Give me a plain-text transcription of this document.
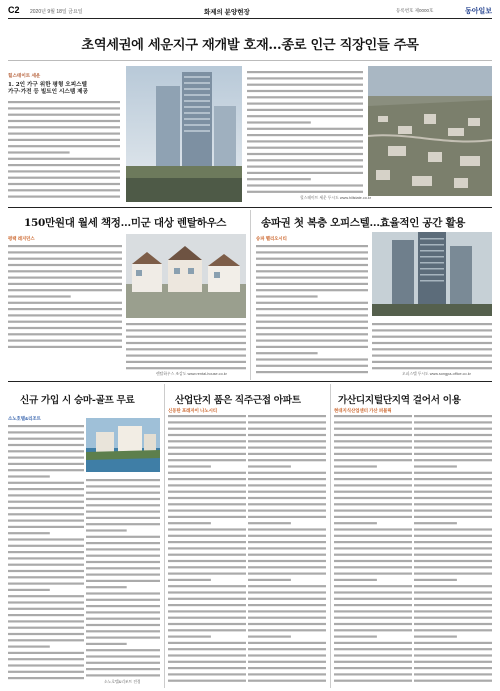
C2 2020년 9월 18일 금요일	화제의 분양현장	등록번호 제0000호	동아일보
초역세권에 세운지구 재개발 호재…종로 인근 직장인들 주목
힐스테이트 세운
1. 2인 가구 위한 평형 오피스텔
가구·가전 등 빌트인 시스템 제공
힐스테이트 세운 투시도 www.hillstate.co.kr
150만원대 월세 책정…미군 대상 렌탈하우스
평택 레지던스
렌탈하우스 조감도 www.rental-house.co.kr
송파권 첫 복층 오피스텔…효율적인 공간 활용
송파 헬리오시티
오피스텔 투시도 www.songpa-office.co.kr
신규 가입 시 승마-골프 무료
소노호텔&리조트
소노호텔&리조트 전경
산업단지 품은 직주근접 아파트
신동탄 포레자이 나노시티
가산디지털단지역 걸어서 이용
현대지식산업센터 가산 퍼블릭
